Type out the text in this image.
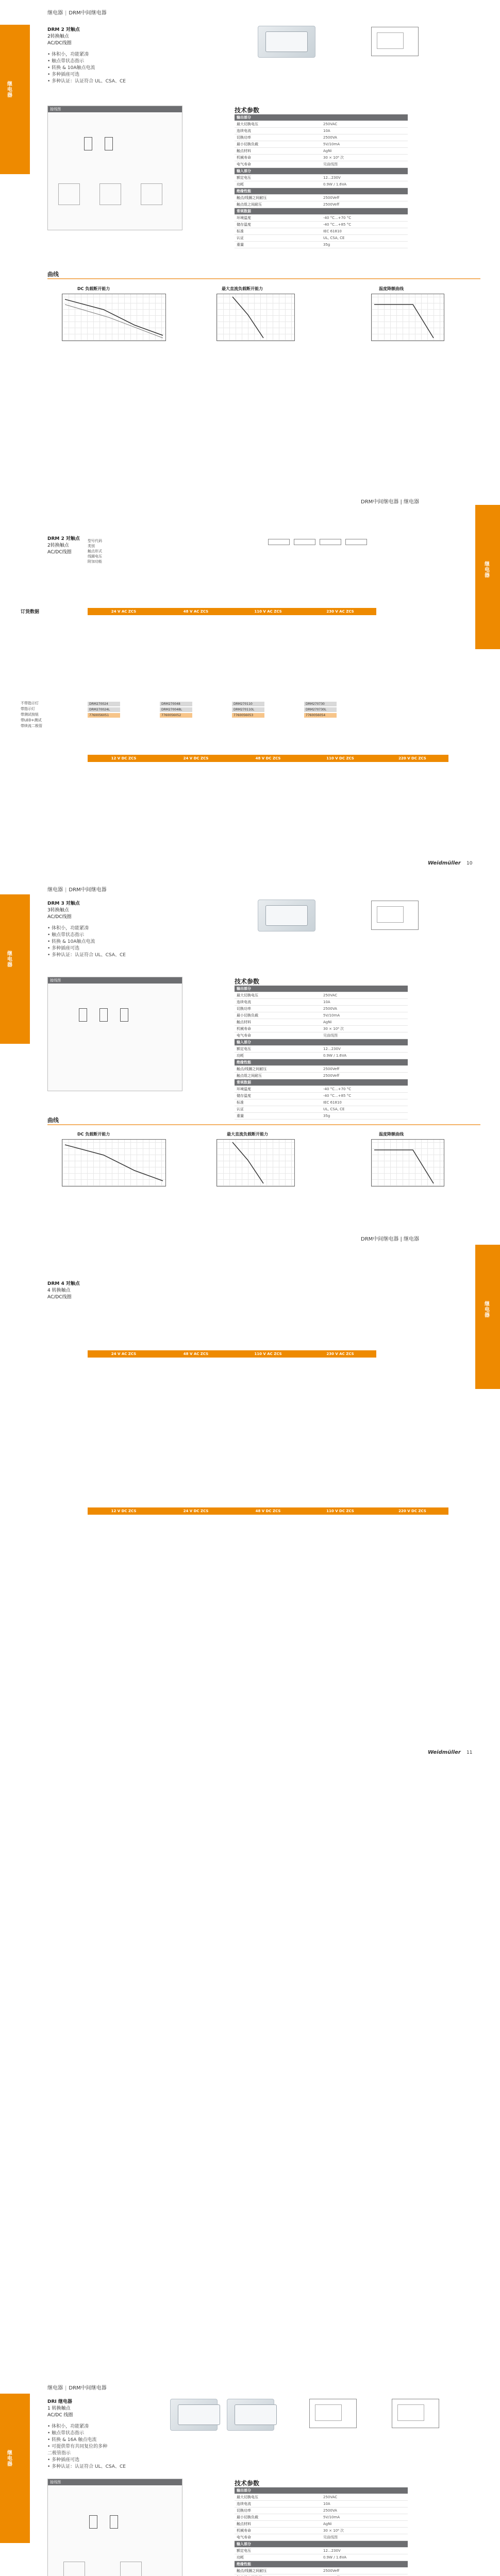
继电器 | DRM中间继电器
继电器
DRM 2 对触点
2转换触点
AC/DC线圈
• 体积小，功能紧凑
• 触点带状态指示
• 转换 & 10A触点电流
• 多种插座可选
• 多种认证：认证符合 UL、CSA、CE
接线图	技术参数
输出部分	
最大切换电压	250VAC
连续电流	10A
切换功率	2500VA
最小切换负载	5V/10mA
触点材料	AgNi
机械寿命	30 × 10⁶ 次
电气寿命	见曲线图
输入部分	
额定电压	12...230V
功耗	0.9W / 1.6VA
绝缘性能	
触点/线圈之间耐压	2500Veff
触点组之间耐压	2500Veff
常规数据	
环境温度	-40 °C...+70 °C
储存温度	-40 °C...+85 °C
标准	IEC 61810
认证	UL, CSA, CE
重量	35g
曲线
DC 负载断开能力	最大直流负载断开能力	温度降额曲线
继电器
DRM中间继电器 | 继电器
DRM 2 对触点
2转换触点
AC/DC线圈
型号代码
类别
触点形式
线圈电压
附加功能
订货数据	24 V AC ZCS	48 V AC ZCS	110 V AC ZCS	230 V AC ZCS
不带指示灯
带指示灯
带测试按钮
带LED+测试
带续流二极管
DRM270024	DRM270048	DRM270110	DRM270730
DRM270024L	DRM270048L	DRM270110L	DRM270730L
7760056051	7760056052	7760056053	7760056054
12 V DC ZCS	24 V DC ZCS	48 V DC ZCS	110 V DC ZCS	220 V DC ZCS
Weidmüller 10
继电器 | DRM中间继电器
继电器
DRM 3 对触点
3转换触点
AC/DC线圈
• 体积小，功能紧凑
• 触点带状态指示
• 转换 & 10A触点电流
• 多种插座可选
• 多种认证：认证符合 UL、CSA、CE
接线图	技术参数
输出部分	
最大切换电压	250VAC
连续电流	10A
切换功率	2500VA
最小切换负载	5V/10mA
触点材料	AgNi
机械寿命	30 × 10⁶ 次
电气寿命	见曲线图
输入部分	
额定电压	12...230V
功耗	0.9W / 1.6VA
绝缘性能	
触点/线圈之间耐压	2500Veff
触点组之间耐压	2500Veff
常规数据	
环境温度	-40 °C...+70 °C
储存温度	-40 °C...+85 °C
标准	IEC 61810
认证	UL, CSA, CE
重量	35g
曲线
DC 负载断开能力	最大直流负载断开能力	温度降额曲线
继电器
DRM中间继电器 | 继电器
DRM 4 对触点
4 转换触点
AC/DC线圈
24 V AC ZCS	48 V AC ZCS	110 V AC ZCS	230 V AC ZCS
12 V DC ZCS	24 V DC ZCS	48 V DC ZCS	110 V DC ZCS	220 V DC ZCS
Weidmüller 11
继电器 | DRM中间继电器
继电器
DRI 继电器
1 转换触点
AC/DC 线圈
• 体积小，功能紧凑
• 触点带状态指示
• 转换 & 16A 触点电流
• 可提供带有共同复位的多种
二极管指示
• 多种插座可选
• 多种认证：认证符合 UL、CSA、CE
接线图	技术参数
输出部分	
最大切换电压	250VAC
连续电流	10A
切换功率	2500VA
最小切换负载	5V/10mA
触点材料	AgNi
机械寿命	30 × 10⁶ 次
电气寿命	见曲线图
输入部分	
额定电压	12...230V
功耗	0.9W / 1.6VA
绝缘性能	
触点/线圈之间耐压	2500Veff
